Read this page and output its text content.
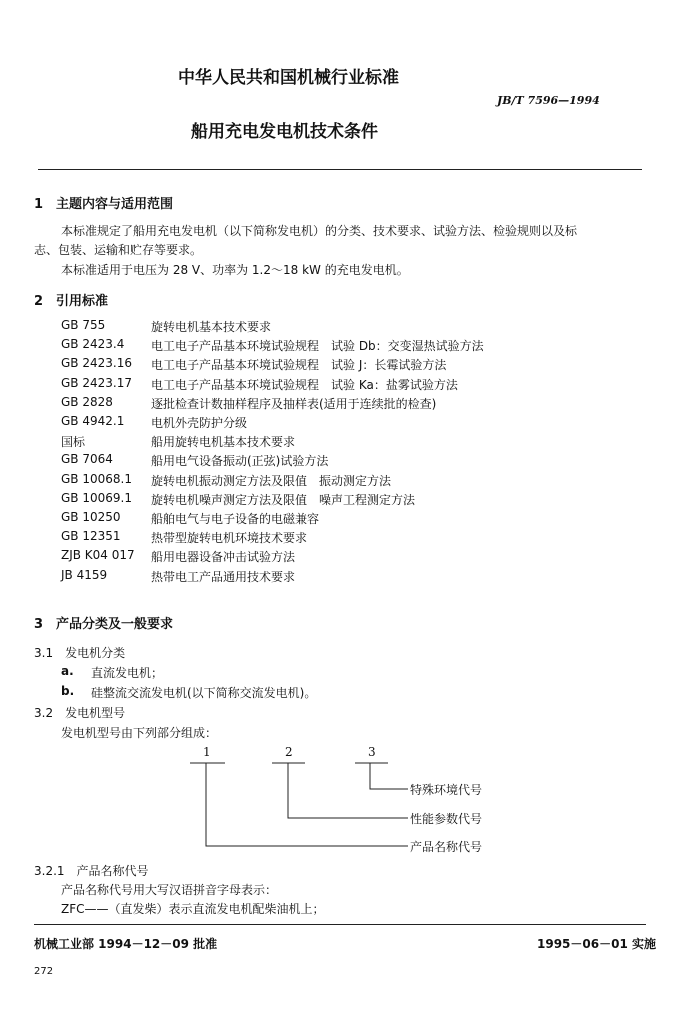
中华人民共和国机械行业标准
JB/T 7596—1994
船用充电发电机技术条件
1　主题内容与适用范围
本标准规定了船用充电发电机（以下简称发电机）的分类、技术要求、试验方法、检验规则以及标
志、包装、运输和贮存等要求。
本标准适用于电压为 28 V、功率为 1.2～18 kW 的充电发电机。
2　引用标准
GB 755	旋转电机基本技术要求
GB 2423.4 电工电子产品基本环境试验规程　试验 Db：交变湿热试验方法
GB 2423.16 电工电子产品基本环境试验规程　试验 J：长霉试验方法
GB 2423.17 电工电子产品基本环境试验规程　试验 Ka：盐雾试验方法
GB 2828	逐批检查计数抽样程序及抽样表(适用于连续批的检查)
GB 4942.1 电机外壳防护分级
国标	船用旋转电机基本技术要求
GB 7064	船用电气设备振动(正弦)试验方法
GB 10068.1 旋转电机振动测定方法及限值　振动测定方法
GB 10069.1 旋转电机噪声测定方法及限值　噪声工程测定方法
GB 10250	船舶电气与电子设备的电磁兼容
GB 12351	热带型旋转电机环境技术要求
ZJB K04 017 船用电器设备冲击试验方法
JB 4159	热带电工产品通用技术要求
3　产品分类及一般要求
3.1　发电机分类
a. 直流发电机；
b. 硅整流交流发电机(以下简称交流发电机)。
3.2　发电机型号
发电机型号由下列部分组成：
1	2	3
特殊环境代号
性能参数代号
产品名称代号
3.2.1　产品名称代号
产品名称代号用大写汉语拼音字母表示：
ZFC——（直发柴）表示直流发电机配柴油机上；
机械工业部 1994－12－09 批准	1995－06－01 实施
272
